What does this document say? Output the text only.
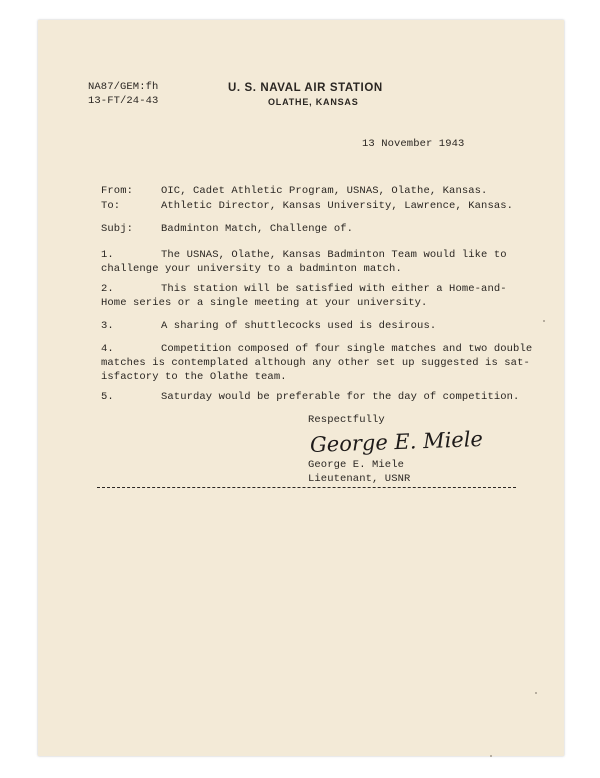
NA87/GEM:fh
13-FT/24-43
U. S. NAVAL AIR STATION
OLATHE, KANSAS
13 November 1943
From:	OIC, Cadet Athletic Program, USNAS, Olathe, Kansas.
To:	Athletic Director, Kansas University, Lawrence, Kansas.
Subj:	Badminton Match, Challenge of.
1.	The USNAS, Olathe, Kansas Badminton Team would like to
challenge your university to a badminton match.
2.	This station will be satisfied with either a Home-and-
Home series or a single meeting at your university.
3.	A sharing of shuttlecocks used is desirous.
4.	Competition composed of four single matches and two double
matches is contemplated although any other set up suggested is sat-
isfactory to the Olathe team.
5.	Saturday would be preferable for the day of competition.
Respectfully
George E. Miele
George E. Miele
Lieutenant, USNR
